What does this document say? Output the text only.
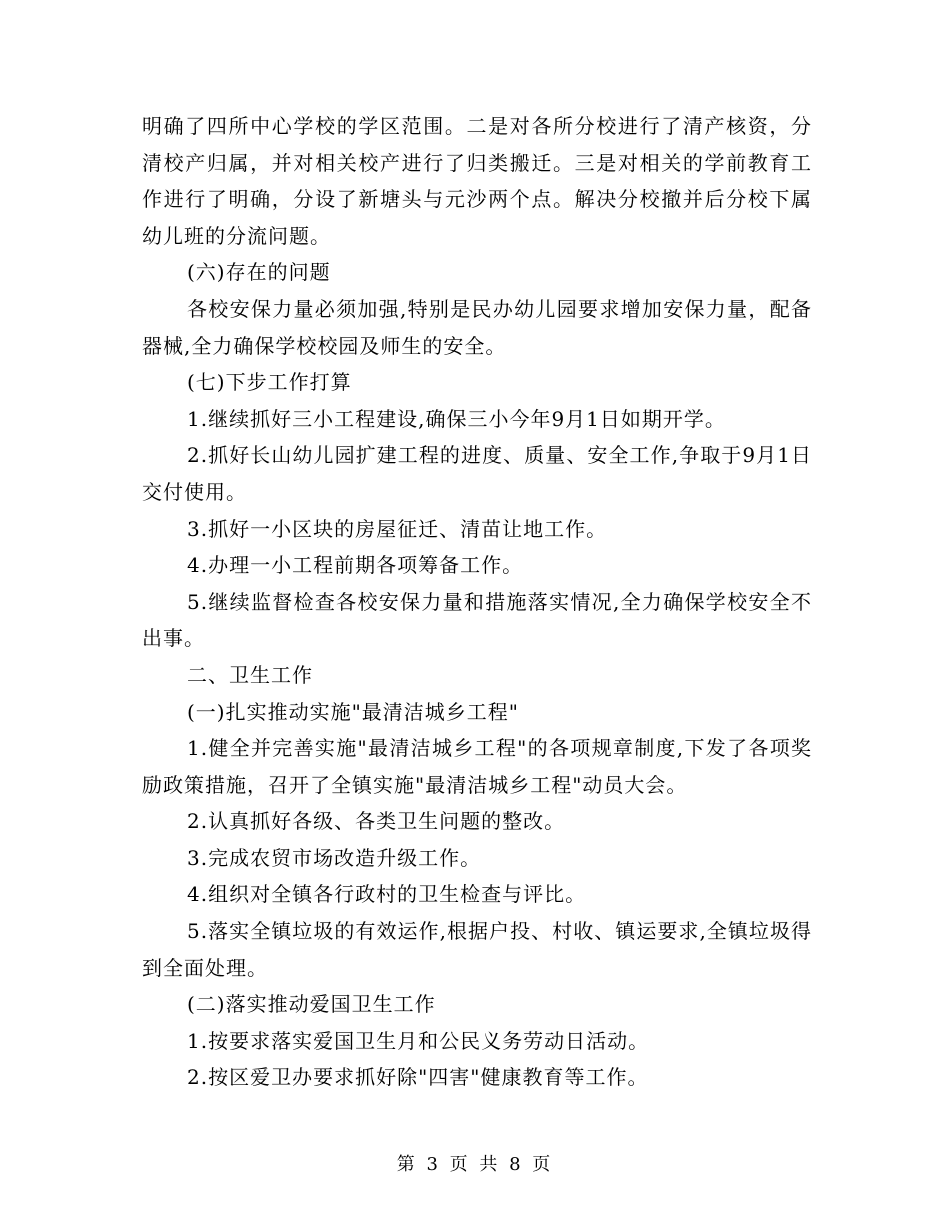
明确了四所中心学校的学区范围。二是对各所分校进行了清产核资，分清校产归属，并对相关校产进行了归类搬迁。三是对相关的学前教育工作进行了明确，分设了新塘头与元沙两个点。解决分校撤并后分校下属幼儿班的分流问题。

(六)存在的问题

各校安保力量必须加强,特别是民办幼儿园要求增加安保力量，配备器械,全力确保学校校园及师生的安全。

(七)下步工作打算

1.继续抓好三小工程建设,确保三小今年9月1日如期开学。

2.抓好长山幼儿园扩建工程的进度、质量、安全工作,争取于9月1日交付使用。

3.抓好一小区块的房屋征迁、清苗让地工作。

4.办理一小工程前期各项筹备工作。

5.继续监督检查各校安保力量和措施落实情况,全力确保学校安全不出事。

二、卫生工作

(一)扎实推动实施"最清洁城乡工程"

1.健全并完善实施"最清洁城乡工程"的各项规章制度,下发了各项奖励政策措施，召开了全镇实施"最清洁城乡工程"动员大会。

2.认真抓好各级、各类卫生问题的整改。

3.完成农贸市场改造升级工作。

4.组织对全镇各行政村的卫生检查与评比。

5.落实全镇垃圾的有效运作,根据户投、村收、镇运要求,全镇垃圾得到全面处理。

(二)落实推动爱国卫生工作

1.按要求落实爱国卫生月和公民义务劳动日活动。

2.按区爱卫办要求抓好除"四害"健康教育等工作。

第 3 页 共 8 页
